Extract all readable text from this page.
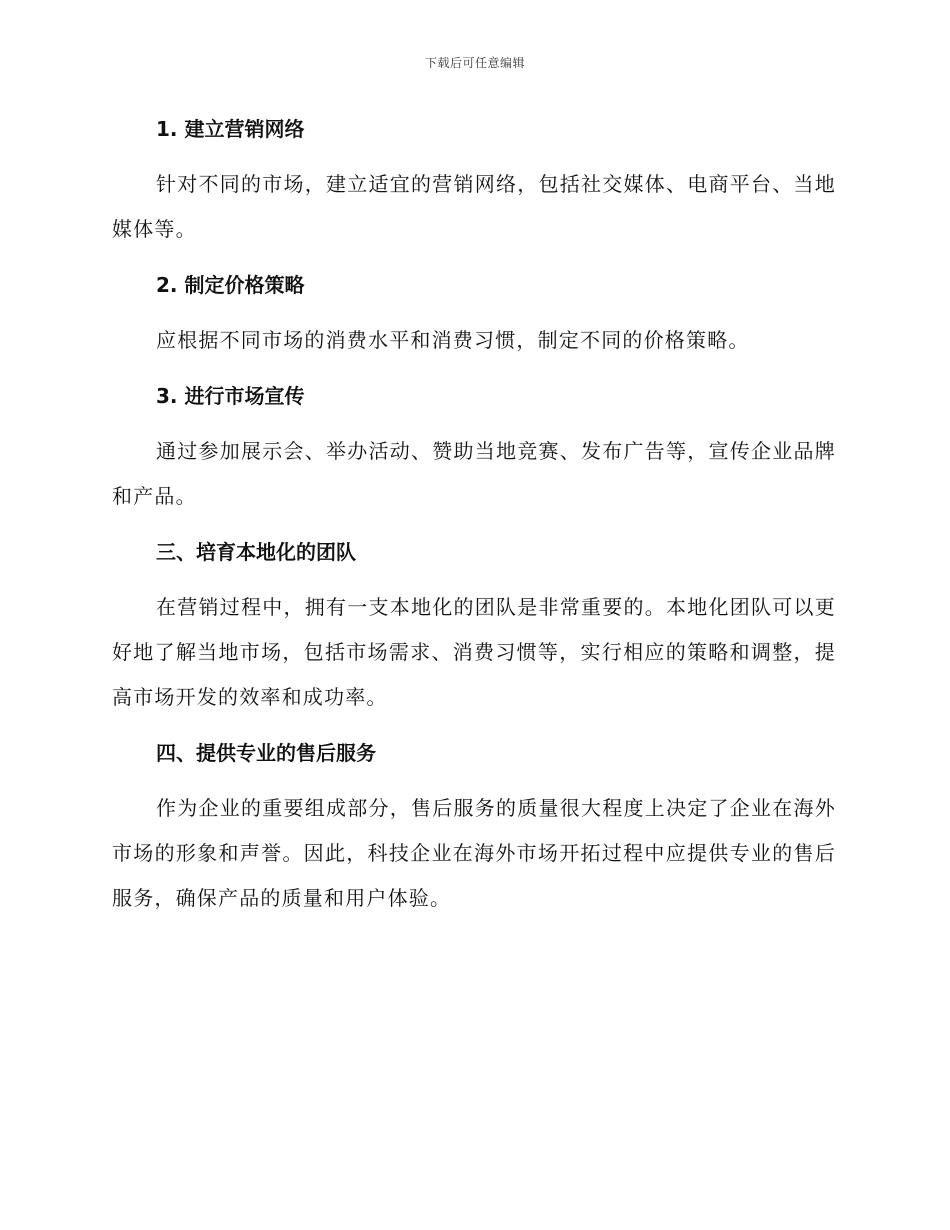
下载后可任意编辑

1. 建立营销网络

针对不同的市场，建立适宜的营销网络，包括社交媒体、电商平台、当地媒体等。

2. 制定价格策略

应根据不同市场的消费水平和消费习惯，制定不同的价格策略。

3. 进行市场宣传

通过参加展示会、举办活动、赞助当地竞赛、发布广告等，宣传企业品牌和产品。

三、培育本地化的团队

在营销过程中，拥有一支本地化的团队是非常重要的。本地化团队可以更好地了解当地市场，包括市场需求、消费习惯等，实行相应的策略和调整，提高市场开发的效率和成功率。

四、提供专业的售后服务

作为企业的重要组成部分，售后服务的质量很大程度上决定了企业在海外市场的形象和声誉。因此，科技企业在海外市场开拓过程中应提供专业的售后服务，确保产品的质量和用户体验。
